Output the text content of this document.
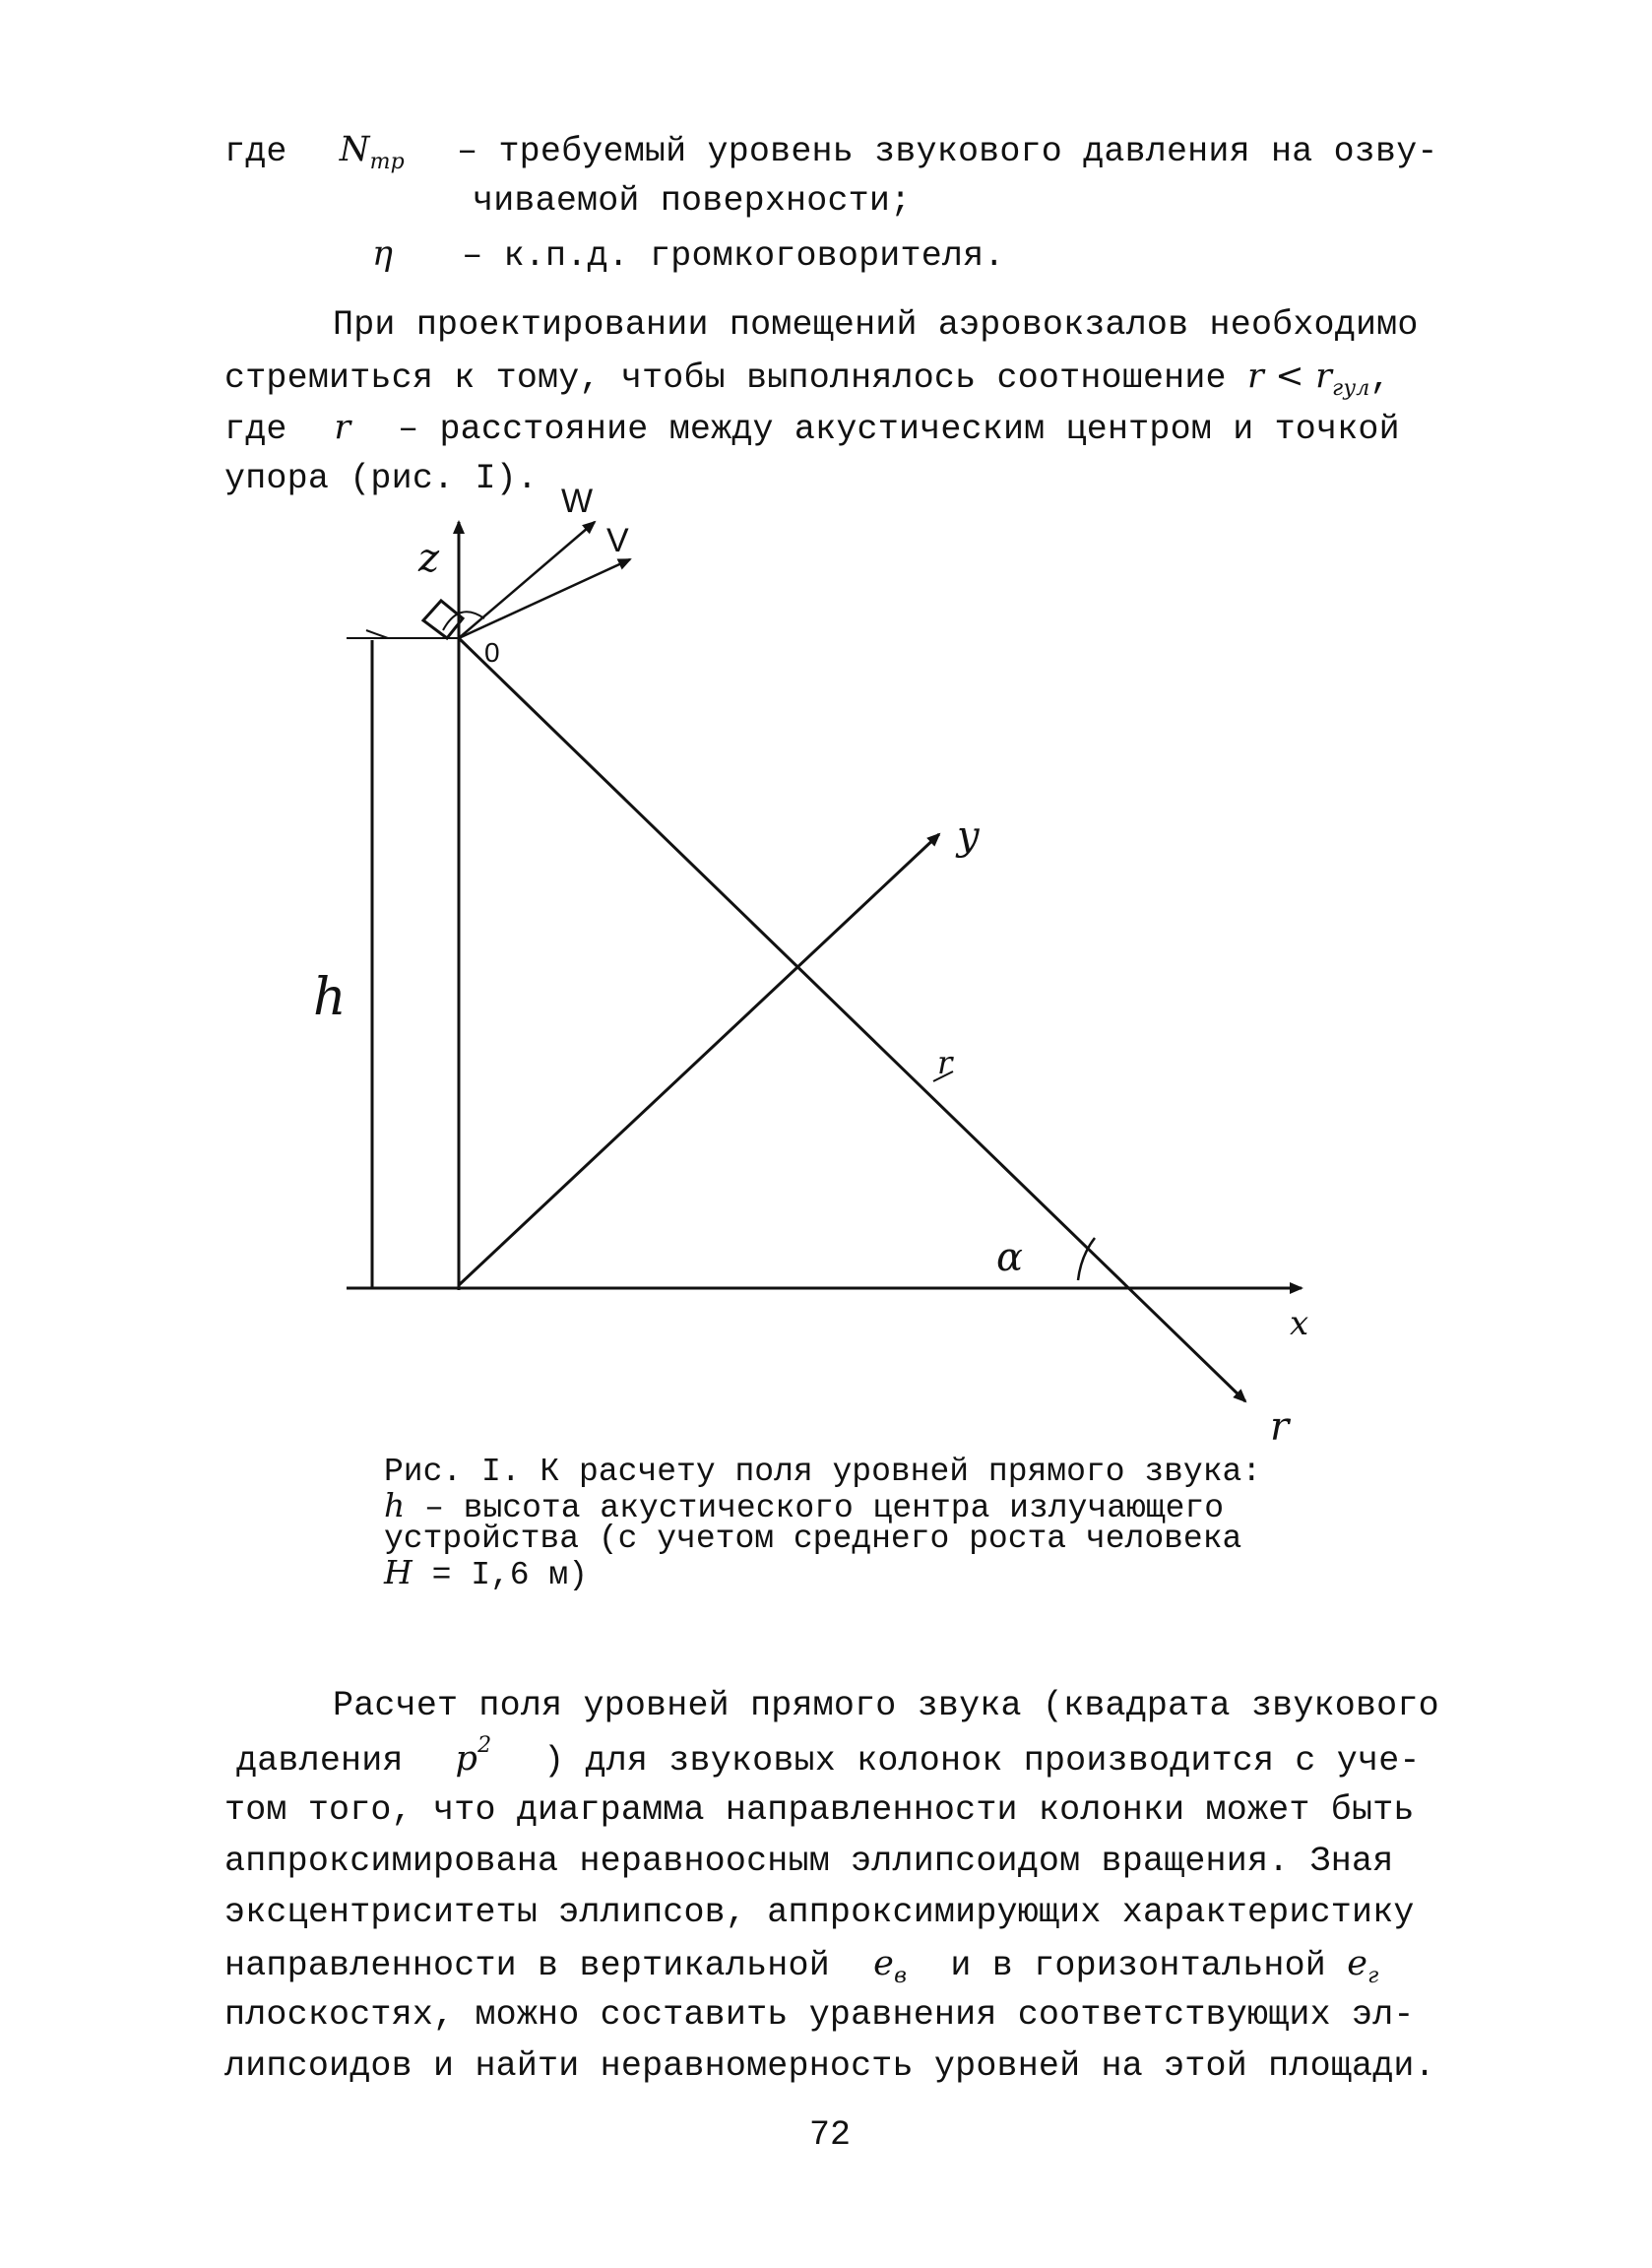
где $N_{тр}$ – требуемый уровень звукового давления на озву-
чиваемой поверхности;
η – к.п.д. громкоговорителя.
При проектировании помещений аэровокзалов необходимо
стремиться к тому, чтобы выполнялось соотношение $r < r_{гул}$,
где r – расстояние между акустическим центром и точкой
упора (рис. I).
W
V
z
0
y
h
r
α
x
r
Рис. I. К расчету поля уровней прямого звука:
h – высота акустического центра излучающего
устройства (с учетом среднего роста человека
H = I,6 м)
Расчет поля уровней прямого звука (квадрата звукового
давления $p^2$ ) для звуковых колонок производится с уче-
том того, что диаграмма направленности колонки может быть
аппроксимирована неравноосным эллипсоидом вращения. Зная
эксцентриситеты эллипсов, аппроксимирующих характеристику
направленности в вертикальной $e_в$ и в горизонтальной $e_г$
плоскостях, можно составить уравнения соответствующих эл-
липсоидов и найти неравномерность уровней на этой площади.
72
